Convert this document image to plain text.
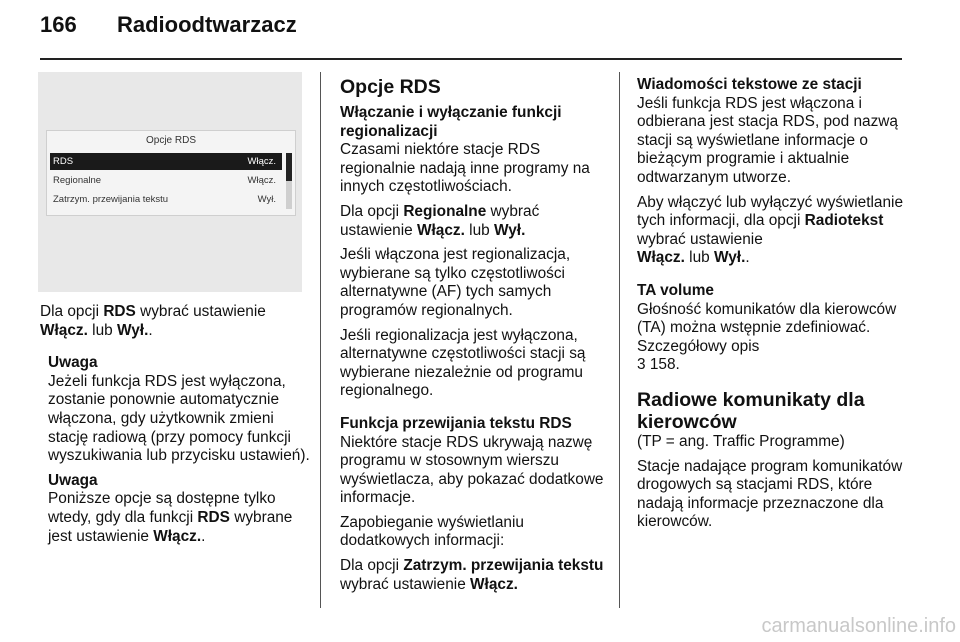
166 Radioodtwarzacz
Opcje RDS
RDS	Włącz.
Regionalne	Włącz.
Zatrzym. przewijania tekstu	Wył.

Dla opcji RDS wybrać ustawienie
Włącz. lub Wył..

Uwaga

Jeżeli funkcja RDS jest wyłączona, zostanie ponownie automatycznie włączona, gdy użytkownik zmieni stację radiową (przy pomocy funkcji wyszukiwania lub przycisku ustawień).

Uwaga

Poniższe opcje są dostępne tylko wtedy, gdy dla funkcji RDS wybrane jest ustawienie Włącz..

Opcje RDS

Włączanie i wyłączanie funkcji regionalizacji

Czasami niektóre stacje RDS regionalnie nadają inne programy na innych częstotliwościach.

Dla opcji Regionalne wybrać ustawienie Włącz. lub Wył.

Jeśli włączona jest regionalizacja, wybierane są tylko częstotliwości alternatywne (AF) tych samych programów regionalnych.

Jeśli regionalizacja jest wyłączona, alternatywne częstotliwości stacji są wybierane niezależnie od programu regionalnego.

Funkcja przewijania tekstu RDS

Niektóre stacje RDS ukrywają nazwę programu w stosownym wierszu wyświetlacza, aby pokazać dodatkowe informacje.

Zapobieganie wyświetlaniu dodatkowych informacji:

Dla opcji Zatrzym. przewijania tekstu wybrać ustawienie Włącz.

Wiadomości tekstowe ze stacji

Jeśli funkcja RDS jest włączona i odbierana jest stacja RDS, pod nazwą stacji są wyświetlane informacje o bieżącym programie i aktualnie odtwarzanym utworze.

Aby włączyć lub wyłączyć wyświetlanie tych informacji, dla opcji Radiotekst wybrać ustawienie
Włącz. lub Wył..

TA volume

Głośność komunikatów dla kierowców (TA) można wstępnie zdefiniować. Szczegółowy opis

3 158.

Radiowe komunikaty dla kierowców

(TP = ang. Traffic Programme)

Stacje nadające program komunikatów drogowych są stacjami RDS, które nadają informacje przeznaczone dla kierowców.

carmanualsonline.info
